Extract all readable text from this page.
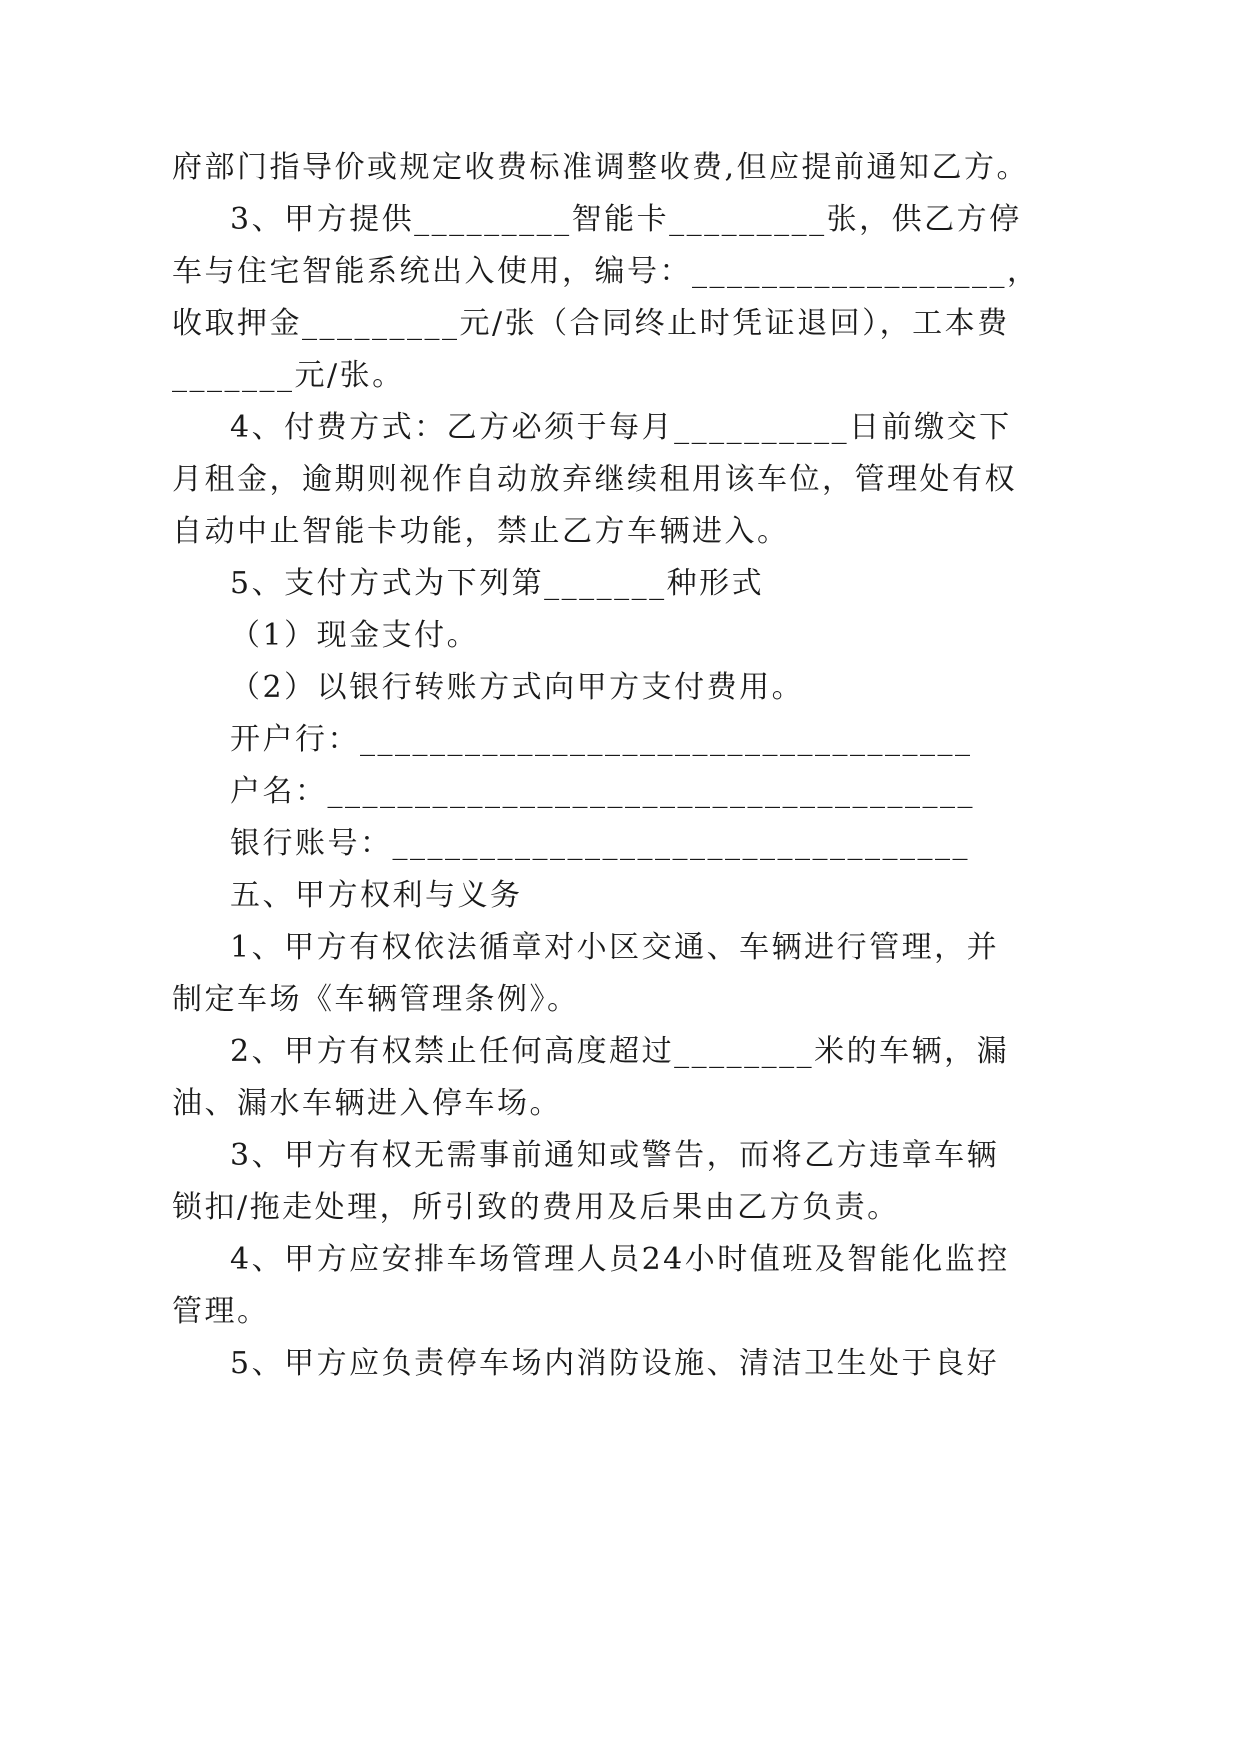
府部门指导价或规定收费标准调整收费,但应提前通知乙方。
3、甲方提供_________智能卡_________张，供乙方停
车与住宅智能系统出入使用，编号：__________________，
收取押金_________元/张（合同终止时凭证退回），工本费
_______元/张。
4、付费方式：乙方必须于每月__________日前缴交下
月租金，逾期则视作自动放弃继续租用该车位，管理处有权
自动中止智能卡功能，禁止乙方车辆进入。
5、支付方式为下列第_______种形式
（1）现金支付。
（2）以银行转账方式向甲方支付费用。
开户行：___________________________________
户名：_____________________________________
银行账号：_________________________________
五、甲方权利与义务
1、甲方有权依法循章对小区交通、车辆进行管理，并
制定车场《车辆管理条例》。
2、甲方有权禁止任何高度超过________米的车辆，漏
油、漏水车辆进入停车场。
3、甲方有权无需事前通知或警告，而将乙方违章车辆
锁扣/拖走处理，所引致的费用及后果由乙方负责。
4、甲方应安排车场管理人员24小时值班及智能化监控
管理。
5、甲方应负责停车场内消防设施、清洁卫生处于良好
